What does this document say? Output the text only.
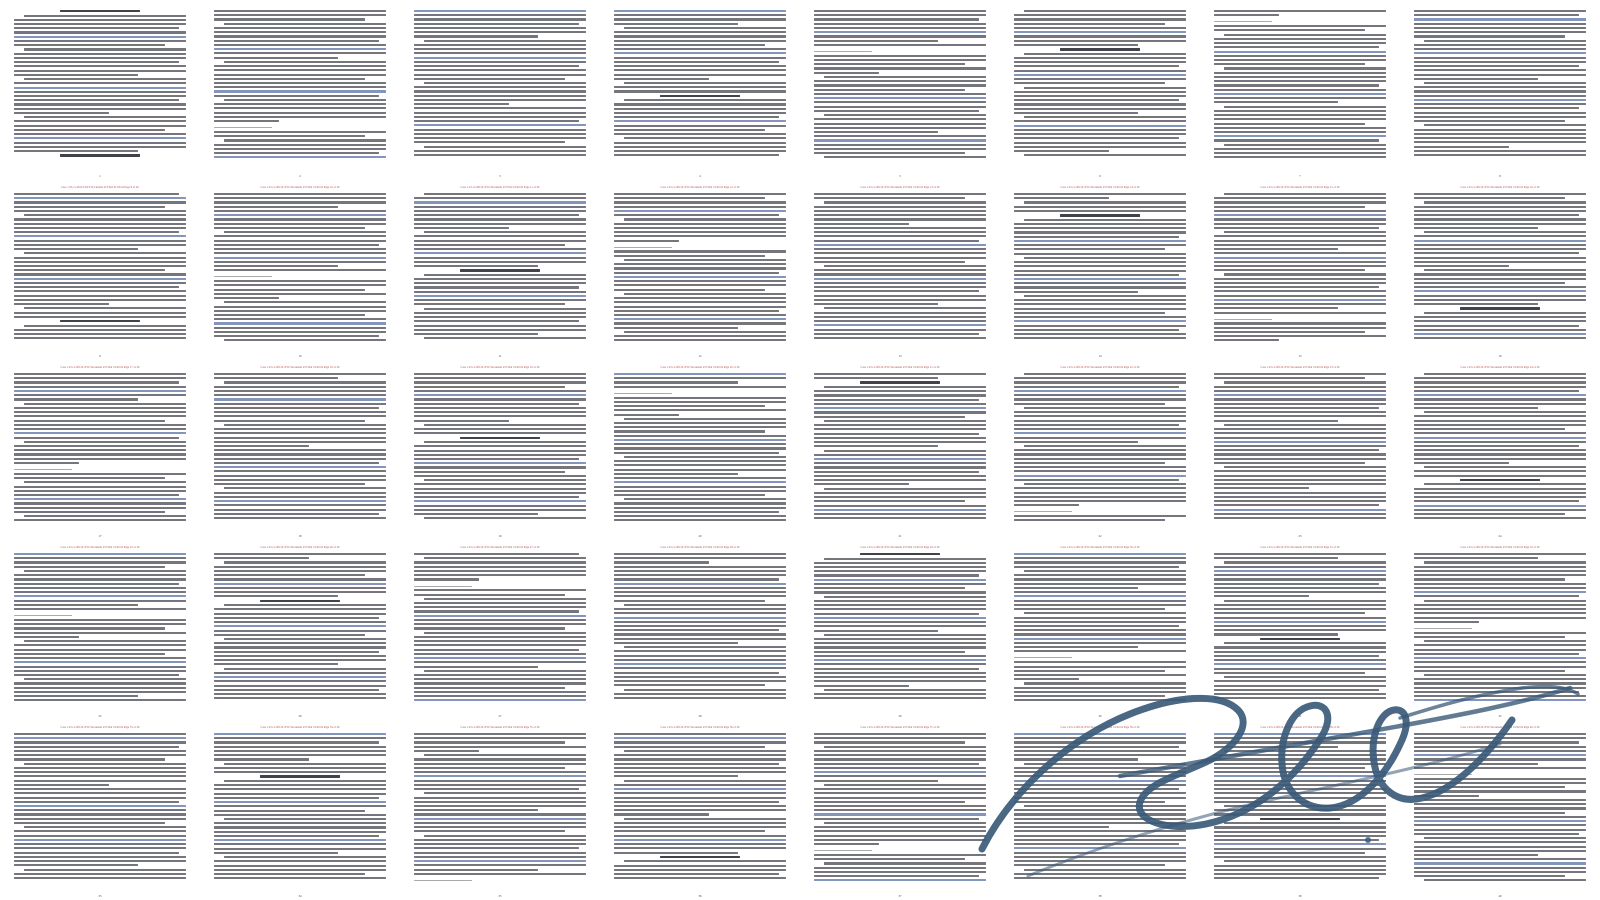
1	2	3	4	5	6	7	8
Case 1:23-cv-00123-XYZ Document 45 Filed 01/02/24 Page 9 of 40
9
Case 1:23-cv-00123-XYZ Document 45 Filed 01/02/24 Page 10 of 40
10
Case 1:23-cv-00123-XYZ Document 45 Filed 01/02/24 Page 11 of 40
11
Case 1:23-cv-00123-XYZ Document 45 Filed 01/02/24 Page 12 of 40
12
Case 1:23-cv-00123-XYZ Document 45 Filed 01/02/24 Page 13 of 40
13
Case 1:23-cv-00123-XYZ Document 45 Filed 01/02/24 Page 14 of 40
14
Case 1:23-cv-00123-XYZ Document 45 Filed 01/02/24 Page 15 of 40
15
Case 1:23-cv-00123-XYZ Document 45 Filed 01/02/24 Page 16 of 40
16
Case 1:23-cv-00123-XYZ Document 45 Filed 01/02/24 Page 17 of 40
17
Case 1:23-cv-00123-XYZ Document 45 Filed 01/02/24 Page 18 of 40
18
Case 1:23-cv-00123-XYZ Document 45 Filed 01/02/24 Page 19 of 40
19
Case 1:23-cv-00123-XYZ Document 45 Filed 01/02/24 Page 20 of 40
20
Case 1:23-cv-00123-XYZ Document 45 Filed 01/02/24 Page 21 of 40
21
Case 1:23-cv-00123-XYZ Document 45 Filed 01/02/24 Page 22 of 40
22
Case 1:23-cv-00123-XYZ Document 45 Filed 01/02/24 Page 23 of 40
23
Case 1:23-cv-00123-XYZ Document 45 Filed 01/02/24 Page 24 of 40
24
Case 1:23-cv-00123-XYZ Document 45 Filed 01/02/24 Page 25 of 40
25
Case 1:23-cv-00123-XYZ Document 45 Filed 01/02/24 Page 26 of 40
26
Case 1:23-cv-00123-XYZ Document 45 Filed 01/02/24 Page 27 of 40
27
Case 1:23-cv-00123-XYZ Document 45 Filed 01/02/24 Page 28 of 40
28
Case 1:23-cv-00123-XYZ Document 45 Filed 01/02/24 Page 29 of 40
29
Case 1:23-cv-00123-XYZ Document 45 Filed 01/02/24 Page 30 of 40
30
Case 1:23-cv-00123-XYZ Document 45 Filed 01/02/24 Page 31 of 40
31
Case 1:23-cv-00123-XYZ Document 45 Filed 01/02/24 Page 32 of 40
32
Case 1:23-cv-00123-XYZ Document 45 Filed 01/02/24 Page 33 of 40
33
Case 1:23-cv-00123-XYZ Document 45 Filed 01/02/24 Page 34 of 40
34
Case 1:23-cv-00123-XYZ Document 45 Filed 01/02/24 Page 35 of 40
35
Case 1:23-cv-00123-XYZ Document 45 Filed 01/02/24 Page 36 of 40
36
Case 1:23-cv-00123-XYZ Document 45 Filed 01/02/24 Page 37 of 40
37
Case 1:23-cv-00123-XYZ Document 45 Filed 01/02/24 Page 38 of 40
38
Case 1:23-cv-00123-XYZ Document 45 Filed 01/02/24 Page 39 of 40
39
Case 1:23-cv-00123-XYZ Document 45 Filed 01/02/24 Page 40 of 40
40
